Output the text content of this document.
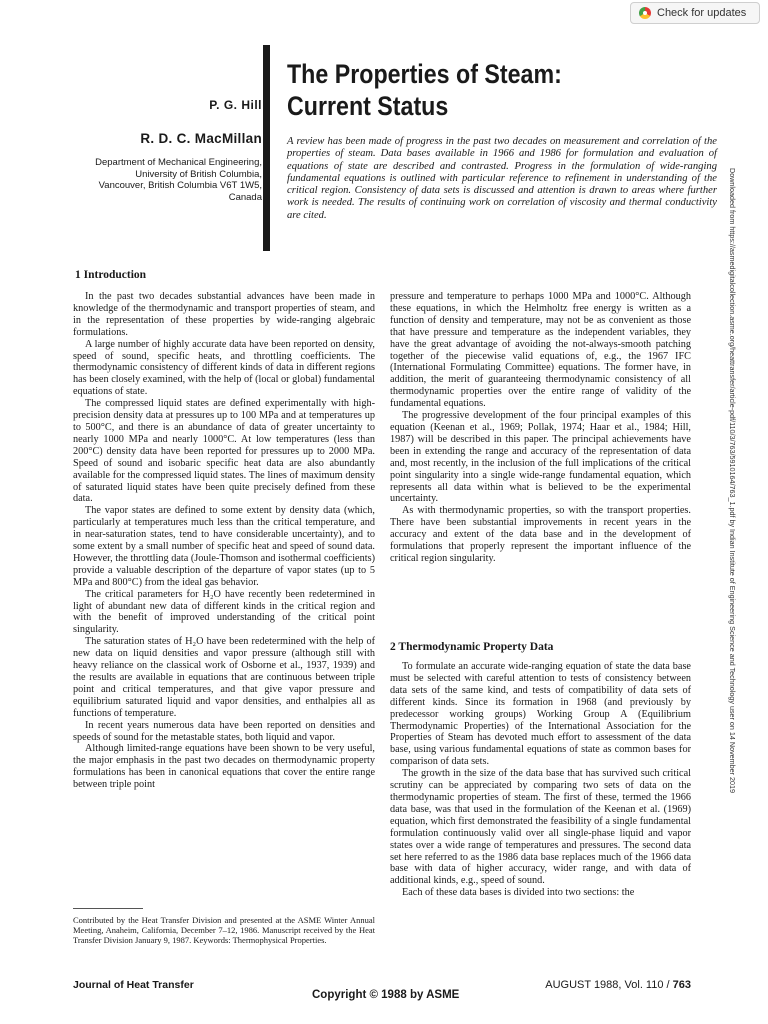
Check for updates
P. G. Hill
R. D. C. MacMillan
Department of Mechanical Engineering,
University of British Columbia,
Vancouver, British Columbia V6T 1W5,
Canada
The Properties of Steam:
Current Status
A review has been made of progress in the past two decades on measurement and correlation of the properties of steam. Data bases available in 1966 and 1986 for formulation and evaluation of equations of state are described and contrasted. Progress in the formulation of wide-ranging fundamental equations is outlined with particular reference to refinement in understanding of the critical region. Consistency of data sets is discussed and attention is drawn to areas where further work is needed. The results of continuing work on correlation of viscosity and thermal conductivity are cited.
1 Introduction

In the past two decades substantial advances have been made in knowledge of the thermodynamic and transport properties of steam, and in the representation of these properties by wide-ranging algebraic formulations.

A large number of highly accurate data have been reported on density, speed of sound, specific heats, and throttling coefficients. The thermodynamic consistency of different kinds of data in different regions has been closely examined, with the help of (local or global) fundamental equations of state.

The compressed liquid states are defined experimentally with high-precision density data at pressures up to 100 MPa and at temperatures up to 500°C, and there is an abundance of data of greater uncertainty to nearly 1000 MPa and nearly 1000°C. At low temperatures (less than 200°C) density data have been reported for pressures up to 2000 MPa. Speed of sound and isobaric specific heat data are also abundantly available for the compressed liquid states. The lines of maximum density of saturated liquid states have been quite precisely defined from these data.

The vapor states are defined to some extent by density data (which, particularly at temperatures much less than the critical temperature, and in near-saturation states, tend to have considerable uncertainty), and to some extent by a small number of specific heat and speed of sound data. However, the throttling data (Joule-Thomson and isothermal coefficients) provide a valuable description of the departure of vapor states (up to 5 MPa and 800°C) from the ideal gas behavior.

The critical parameters for H₂O have recently been redetermined in light of abundant new data of different kinds in the critical region and with the benefit of improved understanding of the critical point singularity.

The saturation states of H₂O have been redetermined with the help of new data on liquid densities and vapor pressure (although still with heavy reliance on the classical work of Osborne et al., 1937, 1939) and the results are available in equations that are continuous between triple point and critical temperatures, and that give vapor pressure and equilibrium saturated liquid and vapor densities, and enthalpies all as functions of temperature.

In recent years numerous data have been reported on densities and speeds of sound for the metastable states, both liquid and vapor.

Although limited-range equations have been shown to be very useful, the major emphasis in the past two decades on thermodynamic property formulations has been in canonical equations that cover the entire range between triple point

pressure and temperature to perhaps 1000 MPa and 1000°C. Although these equations, in which the Helmholtz free energy is written as a function of density and temperature, may not be as convenient as those that have pressure and temperature as the independent variables, they have the great advantage of avoiding the not-always-smooth patching together of the piecewise valid equations of, e.g., the 1967 IFC (International Formulating Committee) equations. The former have, in addition, the merit of guaranteeing thermodynamic consistency of all thermodynamic properties over the entire range of validity of the fundamental equations.

The progressive development of the four principal examples of this equation (Keenan et al., 1969; Pollak, 1974; Haar et al., 1984; Hill, 1987) will be described in this paper. The principal achievements have been in extending the range and accuracy of the representation of data and, most recently, in the inclusion of the full implications of the critical point singularity into a single wide-range fundamental equation, which represents all data within what is believed to be the experimental uncertainty.

As with thermodynamic properties, so with the transport properties. There have been substantial improvements in recent years in the accuracy and extent of the data base and in the development of formulations that properly represent the important influence of the critical region singularity.

2 Thermodynamic Property Data

To formulate an accurate wide-ranging equation of state the data base must be selected with careful attention to tests of consistency between data sets of the same kind, and tests of compatibility of data sets of different kinds. Since its formation in 1968 (and previously by predecessor working groups) Working Group A (Equilibrium Thermodynamic Properties) of the International Association for the Properties of Steam has devoted much effort to assessment of the data base, using various fundamental equations of state as common bases for comparison of data sets.

The growth in the size of the data base that has survived such critical scrutiny can be appreciated by comparing two sets of data on the thermodynamic properties of steam. The first of these, termed the 1966 data base, was that used in the formulation of the Keenan et al. (1969) equation, which first demonstrated the feasibility of a single fundamental formulation continuously valid over all single-phase liquid and vapor states over a wide range of temperatures and pressures. The second data set here referred to as the 1986 data base replaces much of the 1966 data base with data of higher accuracy, wider range, and with data of additional kinds, e.g., speed of sound.

Each of these data bases is divided into two sections: the

Contributed by the Heat Transfer Division and presented at the ASME Winter Annual Meeting, Anaheim, California, December 7–12, 1986. Manuscript received by the Heat Transfer Division January 9, 1987. Keywords: Thermophysical Properties.
Journal of Heat Transfer
Copyright © 1988 by ASME
AUGUST 1988, Vol. 110 / 763
Downloaded from https://asmedigitalcollection.asme.org/heattransfer/article-pdf/110/3/763/5910164/763_1.pdf by Indian Institute of Engineering Science and Technology user on 14 November 2019
